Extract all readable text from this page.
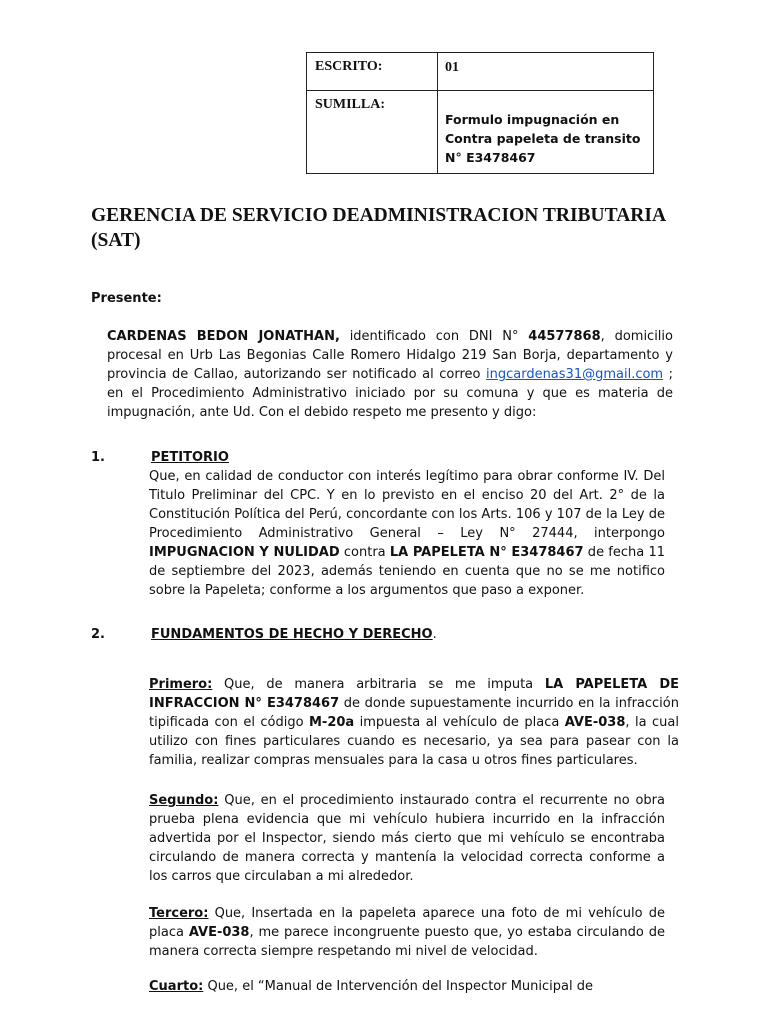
ESCRITO:	01
SUMILLA:	Formulo impugnación en Contra papeleta de transito N° E3478467
GERENCIA DE SERVICIO DEADMINISTRACION TRIBUTARIA (SAT)
Presente:
CARDENAS BEDON JONATHAN, identificado con DNI N° 44577868, domicilio procesal en Urb Las Begonias Calle Romero Hidalgo 219 San Borja, departamento y provincia de Callao, autorizando ser notificado al correo ingcardenas31@gmail.com ; en el Procedimiento Administrativo iniciado por su comuna y que es materia de impugnación, ante Ud. Con el debido respeto me presento y digo:
1.	PETITORIO
Que, en calidad de conductor con interés legítimo para obrar conforme IV. Del Titulo Preliminar del CPC. Y en lo previsto en el enciso 20 del Art. 2° de la Constitución Política del Perú, concordante con los Arts. 106 y 107 de la Ley de Procedimiento Administrativo General – Ley N° 27444, interpongo IMPUGNACION Y NULIDAD contra LA PAPELETA N° E3478467 de fecha 11 de septiembre del 2023, además teniendo en cuenta que no se me notifico sobre la Papeleta; conforme a los argumentos que paso a exponer.
2.	FUNDAMENTOS DE HECHO Y DERECHO.
Primero: Que, de manera arbitraria se me imputa LA PAPELETA DE INFRACCION N° E3478467 de donde supuestamente incurrido en la infracción tipificada con el código M-20a impuesta al vehículo de placa AVE-038, la cual utilizo con fines particulares cuando es necesario, ya sea para pasear con la familia, realizar compras mensuales para la casa u otros fines particulares.
Segundo: Que, en el procedimiento instaurado contra el recurrente no obra prueba plena evidencia que mi vehículo hubiera incurrido en la infracción advertida por el Inspector, siendo más cierto que mi vehículo se encontraba circulando de manera correcta y mantenía la velocidad correcta conforme a los carros que circulaban a mi alrededor.
Tercero: Que, Insertada en la papeleta aparece una foto de mi vehículo de placa AVE-038, me parece incongruente puesto que, yo estaba circulando de manera correcta siempre respetando mi nivel de velocidad.
Cuarto: Que, el “Manual de Intervención del Inspector Municipal de
